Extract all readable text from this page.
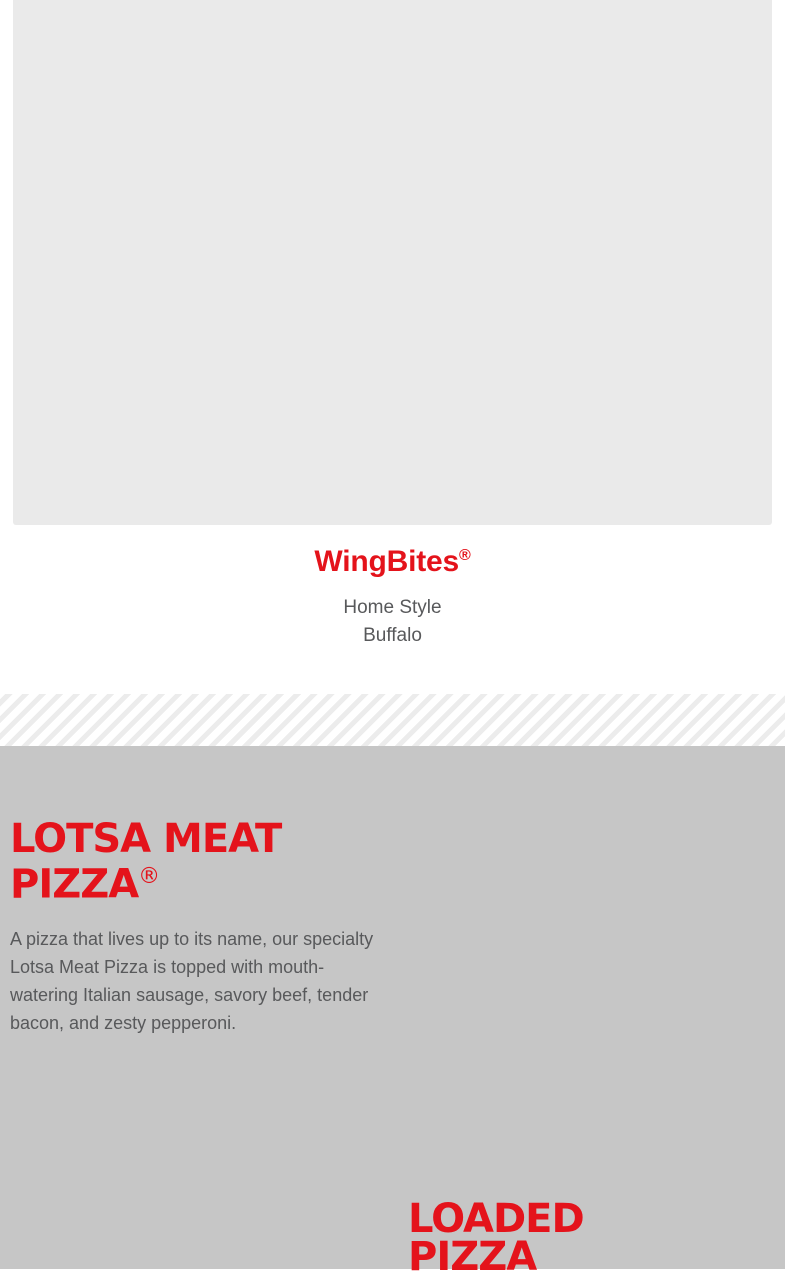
WingBites®
Home Style
Buffalo
LOTSA MEAT PIZZA®
A pizza that lives up to its name, our specialty Lotsa Meat Pizza is topped with mouth-watering Italian sausage, savory beef, tender bacon, and zesty pepperoni.
LOADED
PIZZA
